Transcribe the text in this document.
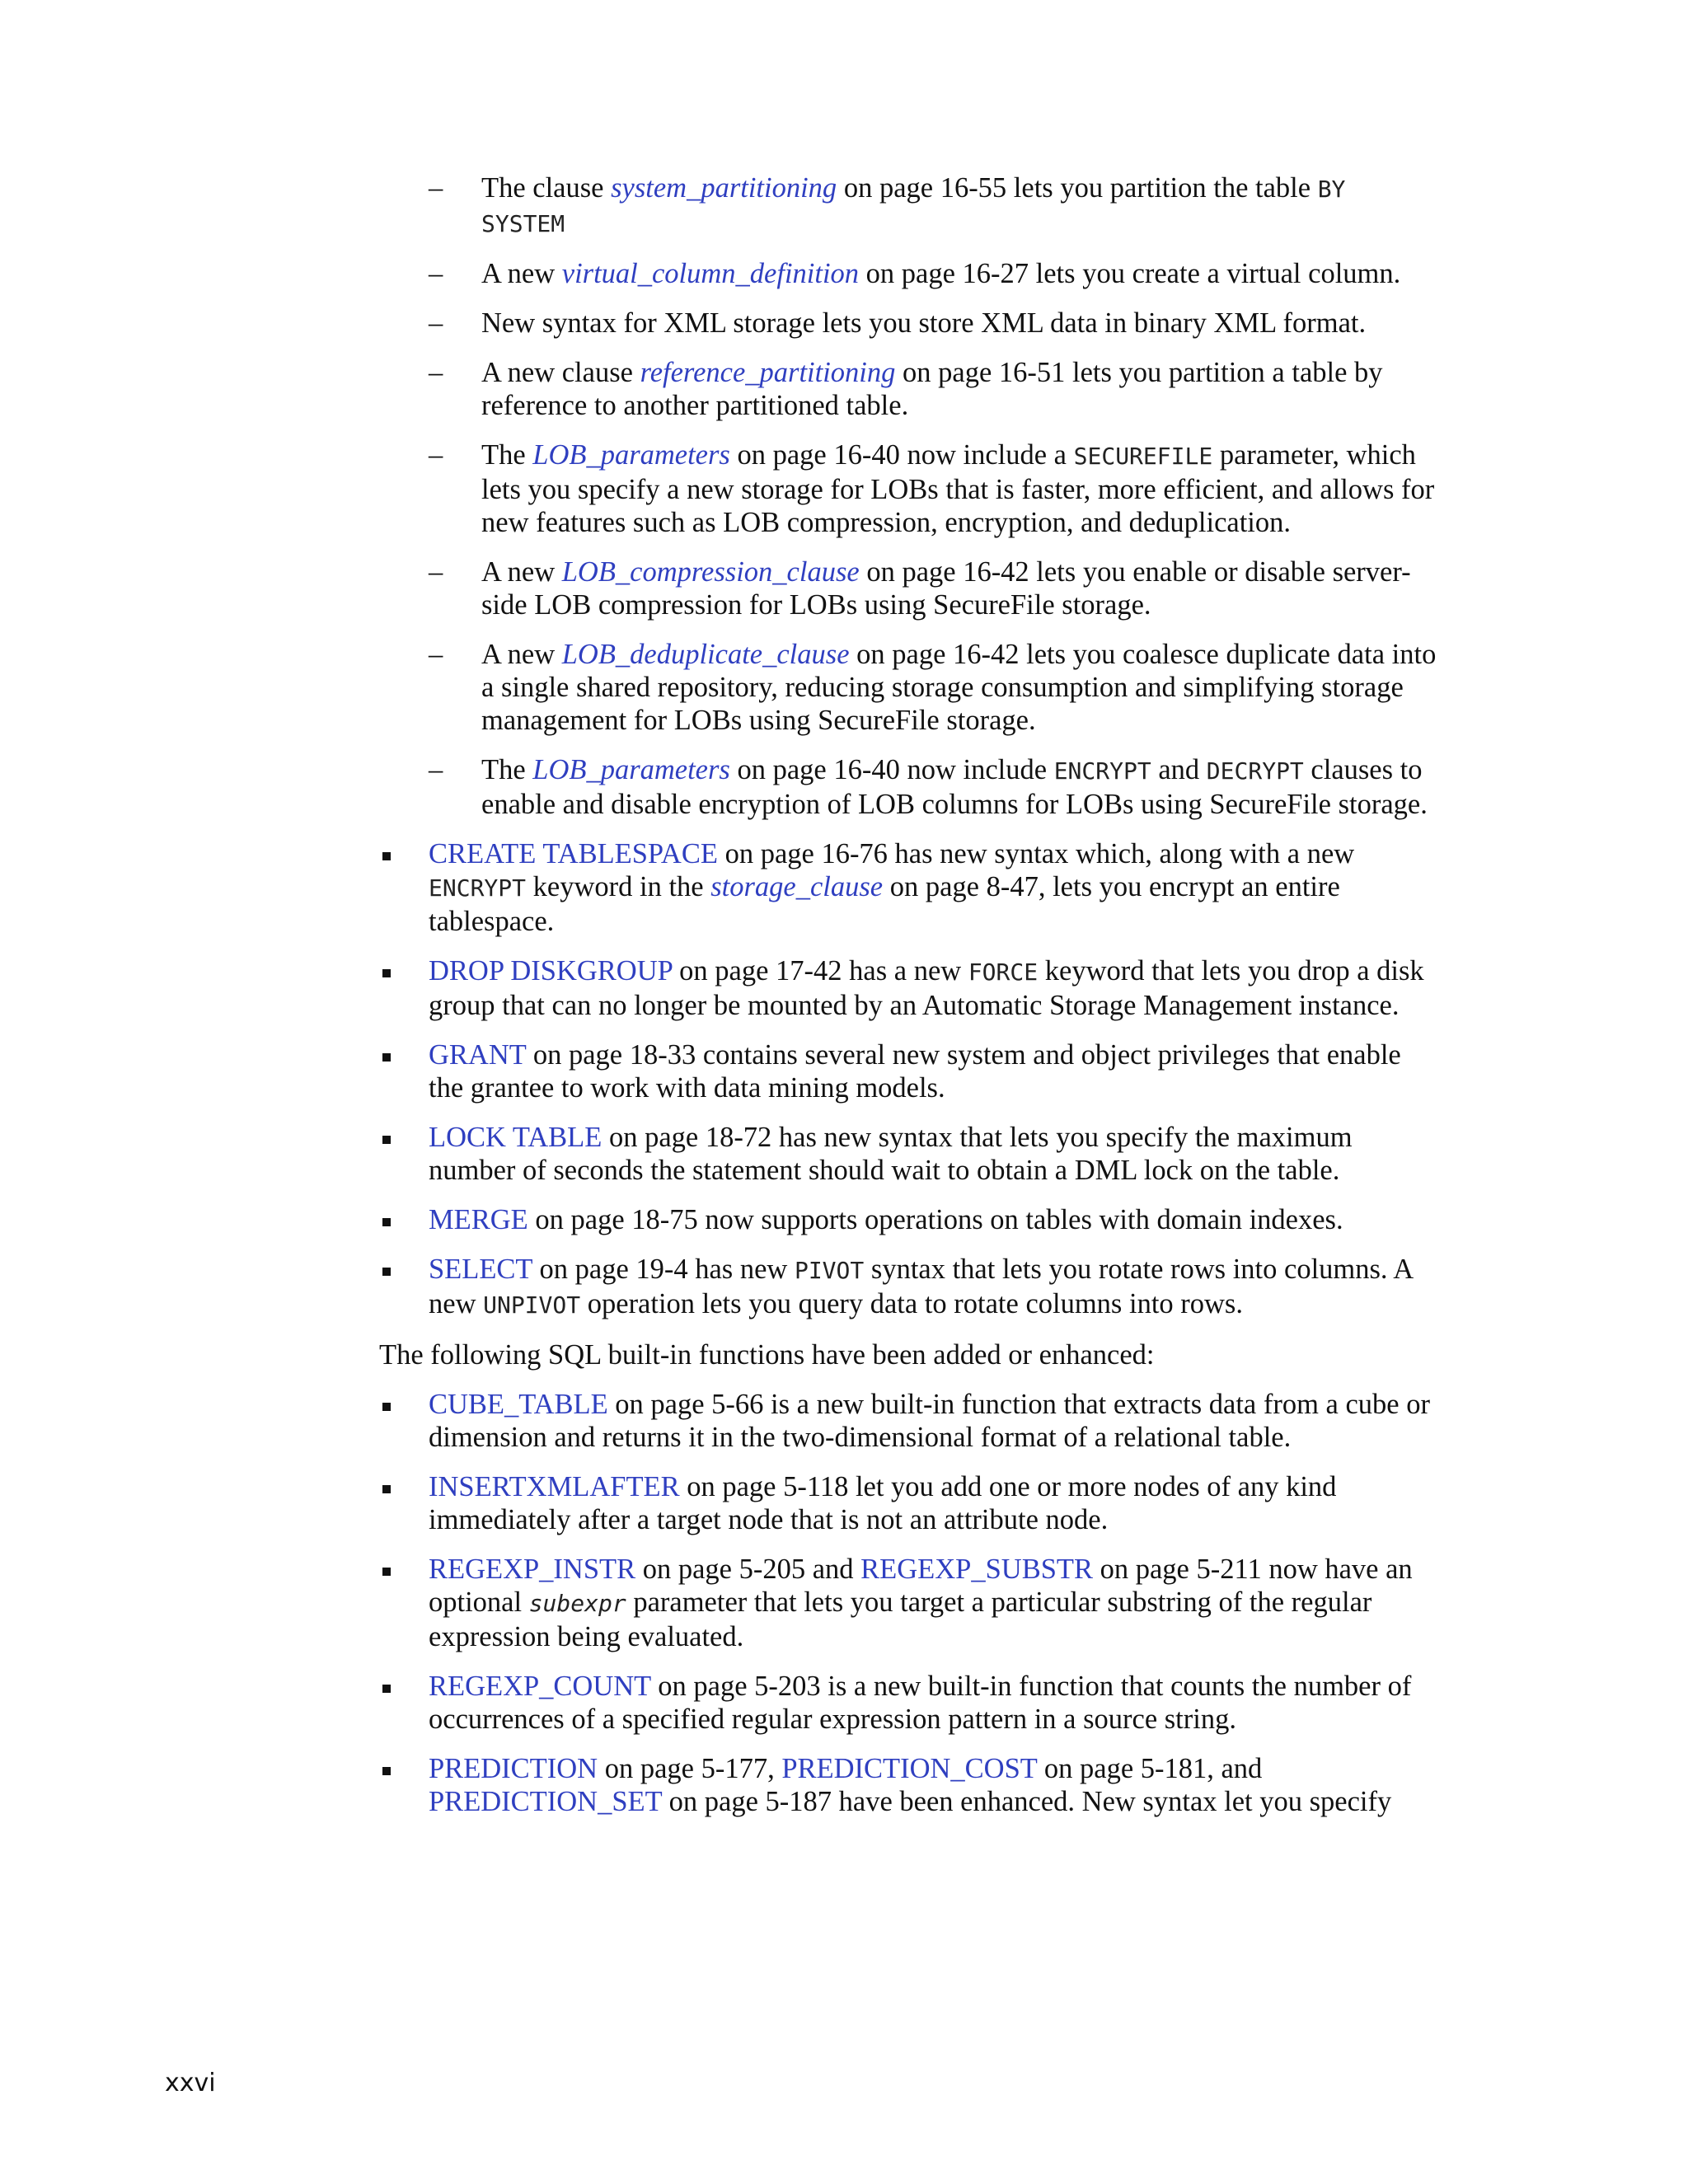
– The clause system_partitioning on page 16-55 lets you partition the table BY SYSTEM
– A new virtual_column_definition on page 16-27 lets you create a virtual column.
– New syntax for XML storage lets you store XML data in binary XML format.
– A new clause reference_partitioning on page 16-51 lets you partition a table by reference to another partitioned table.
– The LOB_parameters on page 16-40 now include a SECUREFILE parameter, which lets you specify a new storage for LOBs that is faster, more efficient, and allows for new features such as LOB compression, encryption, and deduplication.
– A new LOB_compression_clause on page 16-42 lets you enable or disable server-side LOB compression for LOBs using SecureFile storage.
– A new LOB_deduplicate_clause on page 16-42 lets you coalesce duplicate data into a single shared repository, reducing storage consumption and simplifying storage management for LOBs using SecureFile storage.
– The LOB_parameters on page 16-40 now include ENCRYPT and DECRYPT clauses to enable and disable encryption of LOB columns for LOBs using SecureFile storage.
CREATE TABLESPACE on page 16-76 has new syntax which, along with a new ENCRYPT keyword in the storage_clause on page 8-47, lets you encrypt an entire tablespace.
DROP DISKGROUP on page 17-42 has a new FORCE keyword that lets you drop a disk group that can no longer be mounted by an Automatic Storage Management instance.
GRANT on page 18-33 contains several new system and object privileges that enable the grantee to work with data mining models.
LOCK TABLE on page 18-72 has new syntax that lets you specify the maximum number of seconds the statement should wait to obtain a DML lock on the table.
MERGE on page 18-75 now supports operations on tables with domain indexes.
SELECT on page 19-4 has new PIVOT syntax that lets you rotate rows into columns. A new UNPIVOT operation lets you query data to rotate columns into rows.

The following SQL built-in functions have been added or enhanced:

CUBE_TABLE on page 5-66 is a new built-in function that extracts data from a cube or dimension and returns it in the two-dimensional format of a relational table.
INSERTXMLAFTER on page 5-118 let you add one or more nodes of any kind immediately after a target node that is not an attribute node.
REGEXP_INSTR on page 5-205 and REGEXP_SUBSTR on page 5-211 now have an optional subexpr parameter that lets you target a particular substring of the regular expression being evaluated.
REGEXP_COUNT on page 5-203 is a new built-in function that counts the number of occurrences of a specified regular expression pattern in a source string.
PREDICTION on page 5-177, PREDICTION_COST on page 5-181, and PREDICTION_SET on page 5-187 have been enhanced. New syntax let you specify
xxvi
